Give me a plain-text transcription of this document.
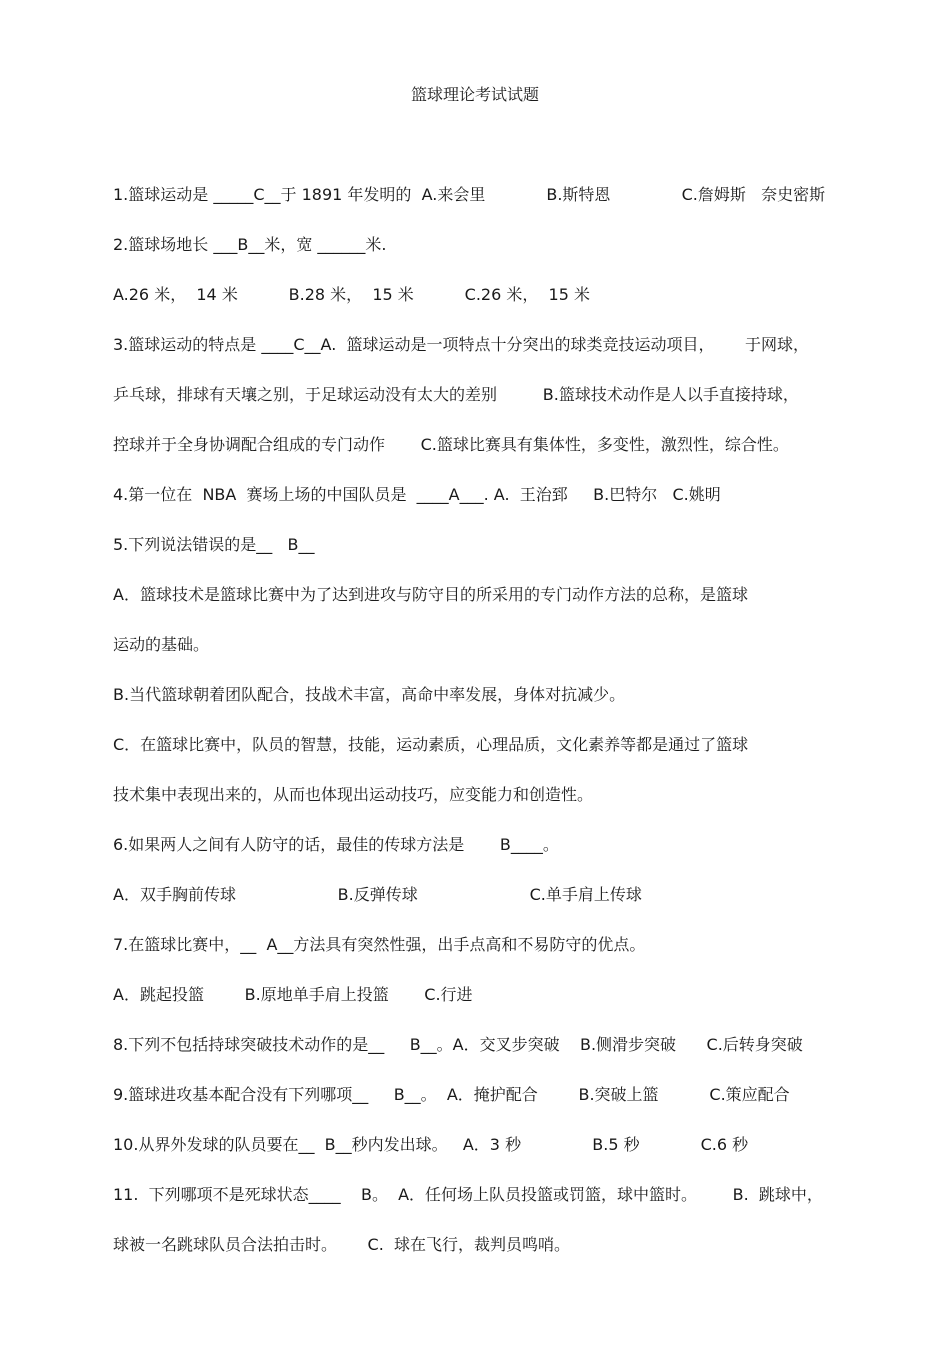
篮球理论考试试题
1.篮球运动是 _____C__于 1891 年发明的  A.来会里            B.斯特恩              C.詹姆斯   奈史密斯
2.篮球场地长 ___B__米，宽 ______米.
A.26 米，  14 米          B.28 米，  15 米          C.26 米，  15 米
3.篮球运动的特点是 ____C__A.  篮球运动是一项特点十分突出的球类竞技运动项目，      于网球，
乒乓球，排球有天壤之别，于足球运动没有太大的差别         B.篮球技术动作是人以手直接持球，
控球并于全身协调配合组成的专门动作       C.篮球比赛具有集体性，多变性，激烈性，综合性。
4.第一位在  NBA  赛场上场的中国队员是  ____A___. A.  王治郅     B.巴特尔   C.姚明
5.下列说法错误的是__   B__
A．篮球技术是篮球比赛中为了达到进攻与防守目的所采用的专门动作方法的总称，是篮球
运动的基础。
B.当代篮球朝着团队配合，技战术丰富，高命中率发展，身体对抗减少。
C．在篮球比赛中，队员的智慧，技能，运动素质，心理品质，文化素养等都是通过了篮球
技术集中表现出来的，从而也体现出运动技巧，应变能力和创造性。
6.如果两人之间有人防守的话，最佳的传球方法是       B____。
A．双手胸前传球                    B.反弹传球                      C.单手肩上传球
7.在篮球比赛中，__  A__方法具有突然性强，出手点高和不易防守的优点。
A．跳起投篮        B.原地单手肩上投篮       C.行进
8.下列不包括持球突破技术动作的是__     B__。A．交叉步突破    B.侧滑步突破      C.后转身突破
9.篮球进攻基本配合没有下列哪项__     B__。  A．掩护配合        B.突破上篮          C.策应配合
10.从界外发球的队员要在__  B__秒内发出球。   A．3 秒              B.5 秒            C.6 秒
11.  下列哪项不是死球状态____    B。  A．任何场上队员投篮或罚篮，球中篮时。       B.  跳球中，
球被一名跳球队员合法拍击时。      C.  球在飞行，裁判员鸣哨。
